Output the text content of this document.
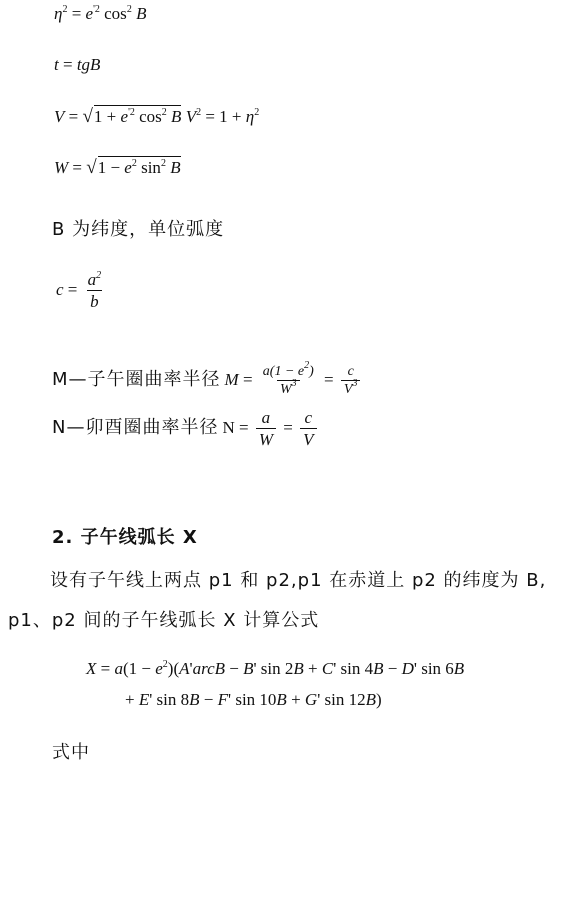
$\eta^2 = e^{'2}$ $\cos^2 B$
t = tgB
$V = √1 + e^{'2}$ $\cos^2 B$ $V^2 = 1 + \eta^2$
$W = √1 - e^2$ $\sin^2 B$
B 为纬度，单位弧度
$c = \frac{a^2}{b}$
M—子午圈曲率半径 $M = \frac{a(1 - e^2)}{W^3} = \frac{c}{V^3}$
N—卯酉圈曲率半径 $N = \frac{a}{W} = \frac{c}{V}$
2. 子午线弧长 X
设有子午线上两点 p1 和 p2,p1 在赤道上 p2 的纬度为 B,
p1、p2 间的子午线弧长 X 计算公式
$X = a(1 - e^2)(A'arcB - B'$ sin 2B + C' sin 4B − D' sin 6B
+ E' sin 8B − F' sin 10B + G' sin 12B)
式中
